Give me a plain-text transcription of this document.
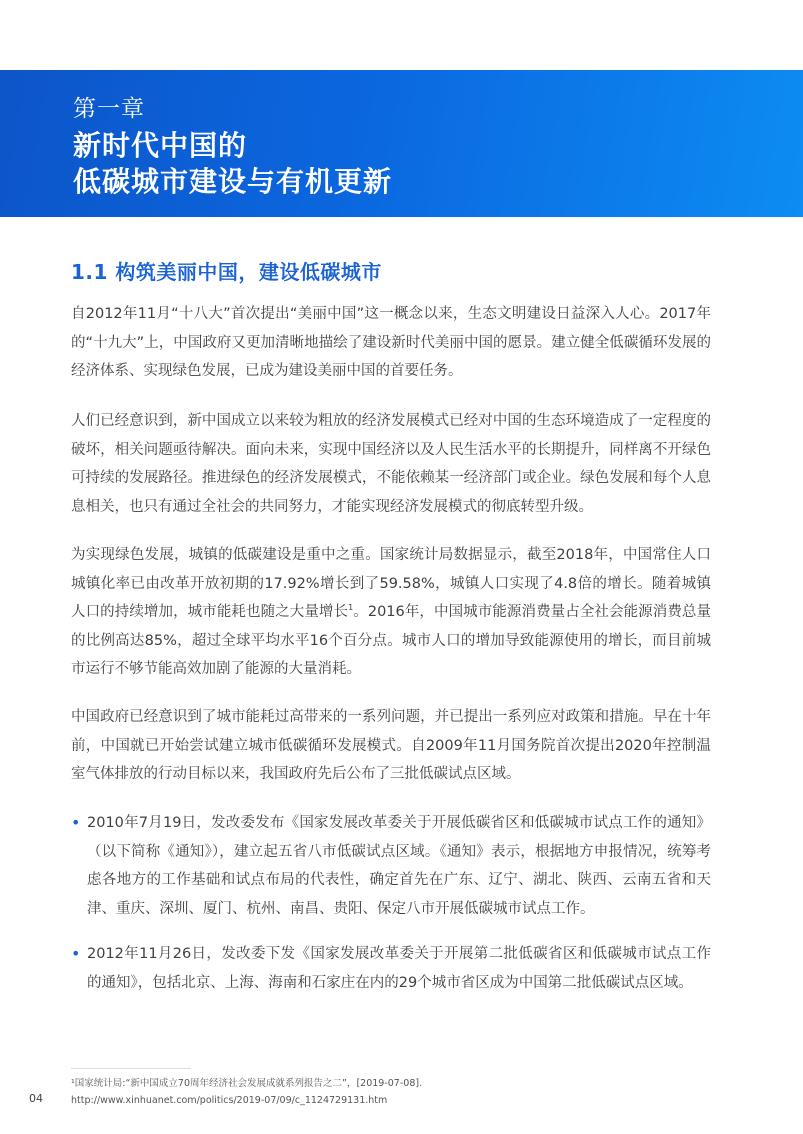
第一章
新时代中国的
低碳城市建设与有机更新
1.1 构筑美丽中国，建设低碳城市

自2012年11月“十八大”首次提出“美丽中国”这一概念以来，生态文明建设日益深入人心。2017年的“十九大”上，中国政府又更加清晰地描绘了建设新时代美丽中国的愿景。建立健全低碳循环发展的经济体系、实现绿色发展，已成为建设美丽中国的首要任务。

人们已经意识到，新中国成立以来较为粗放的经济发展模式已经对中国的生态环境造成了一定程度的破坏，相关问题亟待解决。面向未来，实现中国经济以及人民生活水平的长期提升，同样离不开绿色可持续的发展路径。推进绿色的经济发展模式，不能依赖某一经济部门或企业。绿色发展和每个人息息相关，也只有通过全社会的共同努力，才能实现经济发展模式的彻底转型升级。

为实现绿色发展，城镇的低碳建设是重中之重。国家统计局数据显示，截至2018年，中国常住人口城镇化率已由改革开放初期的17.92%增长到了59.58%，城镇人口实现了4.8倍的增长。随着城镇人口的持续增加，城市能耗也随之大量增长$^1$。2016年，中国城市能源消费量占全社会能源消费总量的比例高达85%，超过全球平均水平16个百分点。城市人口的增加导致能源使用的增长，而目前城市运行不够节能高效加剧了能源的大量消耗。

中国政府已经意识到了城市能耗过高带来的一系列问题，并已提出一系列应对政策和措施。早在十年前，中国就已开始尝试建立城市低碳循环发展模式。自2009年11月国务院首次提出2020年控制温室气体排放的行动目标以来，我国政府先后公布了三批低碳试点区域。

• 2010年7月19日，发改委发布《国家发展改革委关于开展低碳省区和低碳城市试点工作的通知》（以下简称《通知》），建立起五省八市低碳试点区域。《通知》表示，根据地方申报情况，统筹考虑各地方的工作基础和试点布局的代表性，确定首先在广东、辽宁、湖北、陕西、云南五省和天津、重庆、深圳、厦门、杭州、南昌、贵阳、保定八市开展低碳城市试点工作。
• 2012年11月26日，发改委下发《国家发展改革委关于开展第二批低碳省区和低碳城市试点工作的通知》，包括北京、上海、海南和石家庄在内的29个城市省区成为中国第二批低碳试点区域。
¹国家统计局:“新中国成立70周年经济社会发展成就系列报告之二”，[2019-07-08].
http://www.xinhuanet.com/politics/2019-07/09/c_1124729131.htm
04
